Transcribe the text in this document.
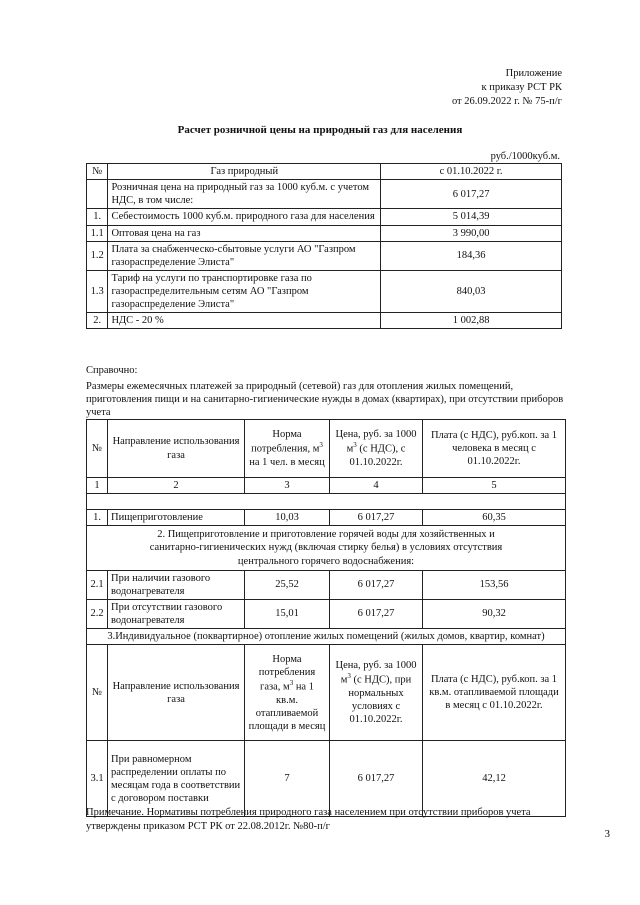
Приложение
к приказу РСТ РК
от 26.09.2022 г. № 75-п/г
Расчет розничной цены на природный газ для населения
руб./1000куб.м.
№	Газ природный	с 01.10.2022 г.
	Розничная цена на природный газ за 1000 куб.м. с учетом НДС, в том числе:	6 017,27
1.	Себестоимость 1000 куб.м. природного газа для населения	5 014,39
1.1	Оптовая цена на газ	3 990,00
1.2	Плата за снабженческо-сбытовые услуги АО "Газпром газораспределение Элиста"	184,36
1.3	Тариф на услуги по транспортировке газа по газораспределительным сетям АО "Газпром газораспределение Элиста"	840,03
2.	НДС - 20 %	1 002,88
Справочно:
Размеры ежемесячных платежей за природный (сетевой) газ для отопления жилых помещений, приготовления пищи и на санитарно-гигиенические нужды в домах (квартирах), при отсутствии приборов учета
№	Направление использования газа	Норма потребления, $м^3$ на 1 чел. в месяц	Цена, руб. за 1000 $м^3$ (с НДС), с 01.10.2022г.	Плата (с НДС), руб.коп. за 1 человека в месяц с 01.10.2022г.
1	2	3	4	5

1.	Пищеприготовление	10,03	6 017,27	60,35
2. Пищеприготовление и приготовление горячей воды для хозяйственных и санитарно-гигиенических нужд (включая стирку белья) в условиях отсутствия центрального горячего водоснабжения:				
2.1	При наличии газового водонагревателя	25,52	6 017,27	153,56
2.2	При отсутствии газового водонагревателя	15,01	6 017,27	90,32
3.Индивидуальное (поквартирное) отопление жилых помещений (жилых домов, квартир, комнат)				
№	Направление использования газа	Норма потребления газа, $м^3$ на 1 кв.м. отапливаемой площади в месяц	Цена, руб. за 1000 $м^3$ (с НДС), при нормальных условиях с 01.10.2022г.	Плата (с НДС), руб.коп. за 1 кв.м. отапливаемой площади в месяц с 01.10.2022г.
3.1	При равномерном распределении оплаты по месяцам года в соответствии с договором поставки	7	6 017,27	42,12
Примечание. Нормативы потребления природного газа населением при отсутствии приборов учета утверждены приказом РСТ РК от 22.08.2012г. №80-п/г
3
